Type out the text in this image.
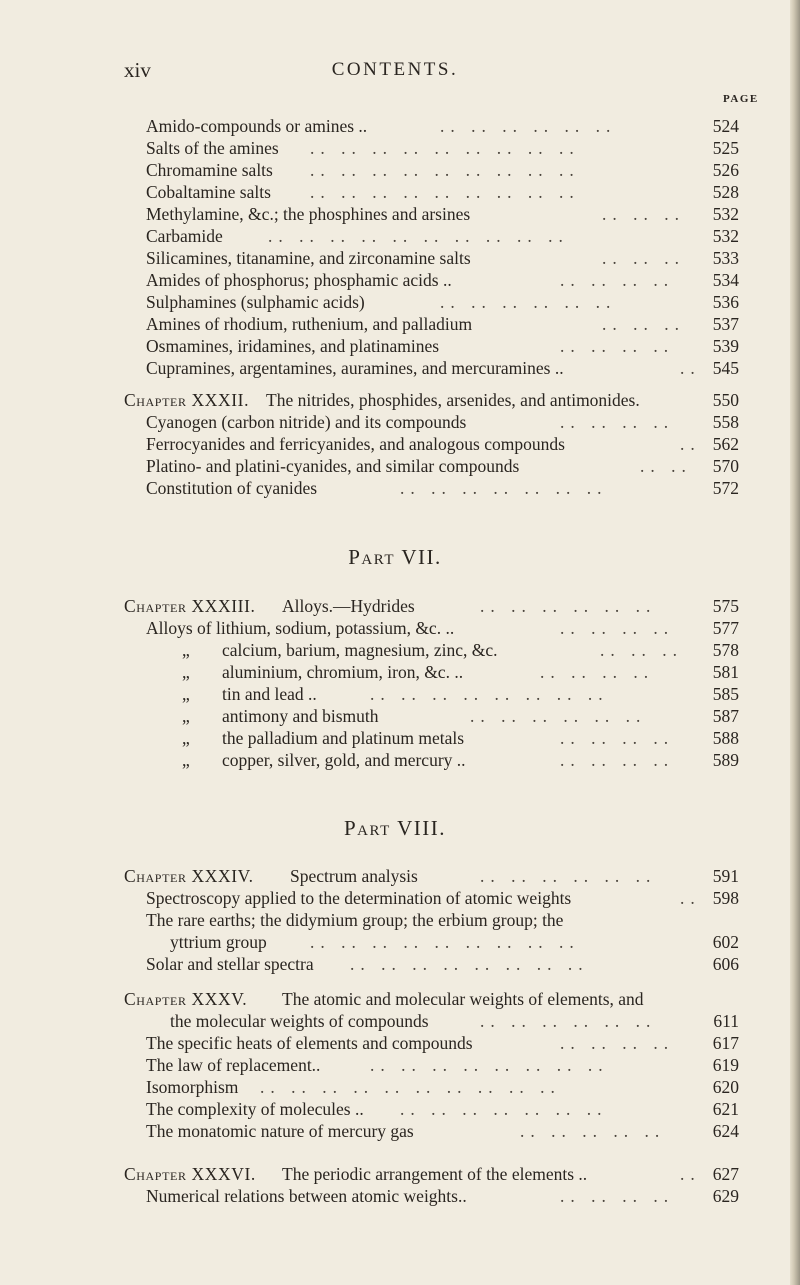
xiv	CONTENTS.
PAGE
.. .. .. .. .. ..
Amido-compounds or amines ..	524
.. .. .. .. .. .. .. .. ..
Salts of the amines	525
.. .. .. .. .. .. .. .. ..
Chromamine salts	526
.. .. .. .. .. .. .. .. ..
Cobaltamine salts	528
.. .. ..
Methylamine, &c.; the phosphines and arsines	532
.. .. .. .. .. .. .. .. .. ..
Carbamide	532
.. .. ..
Silicamines, titanamine, and zirconamine salts	533
.. .. .. ..
Amides of phosphorus; phosphamic acids ..	534
.. .. .. .. .. ..
Sulphamines (sulphamic acids)	536
.. .. ..
Amines of rhodium, ruthenium, and palladium	537
.. .. .. ..
Osmamines, iridamines, and platinamines	539
..
Cupramines, argentamines, auramines, and mercuramines ..	545
Chapter XXXII. The nitrides, phosphides, arsenides, and antimonides.	550
.. .. .. ..
Cyanogen (carbon nitride) and its compounds	558
..
Ferrocyanides and ferricyanides, and analogous compounds	562
.. ..
Platino- and platini-cyanides, and similar compounds	570
.. .. .. .. .. .. ..
Constitution of cyanides	572
Part VII.
.. .. .. .. .. ..
Chapter XXXIII. Alloys.—Hydrides	575
.. .. .. ..
Alloys of lithium, sodium, potassium, &c. ..	577
.. .. ..
„ calcium, barium, magnesium, zinc, &c.	578
.. .. .. ..
„ aluminium, chromium, iron, &c. ..	581
.. .. .. .. .. .. .. ..
„ tin and lead ..	585
.. .. .. .. .. ..
„ antimony and bismuth	587
.. .. .. ..
„ the palladium and platinum metals	588
.. .. .. ..
„ copper, silver, gold, and mercury ..	589
Part VIII.
.. .. .. .. .. ..
Chapter XXXIV. Spectrum analysis	591
..
Spectroscopy applied to the determination of atomic weights	598
The rare earths; the didymium group; the erbium group; the
.. .. .. .. .. .. .. .. ..
yttrium group	602
.. .. .. .. .. .. .. ..
Solar and stellar spectra	606
Chapter XXXV. The atomic and molecular weights of elements, and
.. .. .. .. .. ..
the molecular weights of compounds	611
.. .. .. ..
The specific heats of elements and compounds	617
.. .. .. .. .. .. .. ..
The law of replacement..	619
.. .. .. .. .. .. .. .. .. ..
Isomorphism	620
.. .. .. .. .. .. ..
The complexity of molecules ..	621
.. .. .. .. ..
The monatomic nature of mercury gas	624
..
Chapter XXXVI. The periodic arrangement of the elements ..	627
.. .. .. ..
Numerical relations between atomic weights..	629
